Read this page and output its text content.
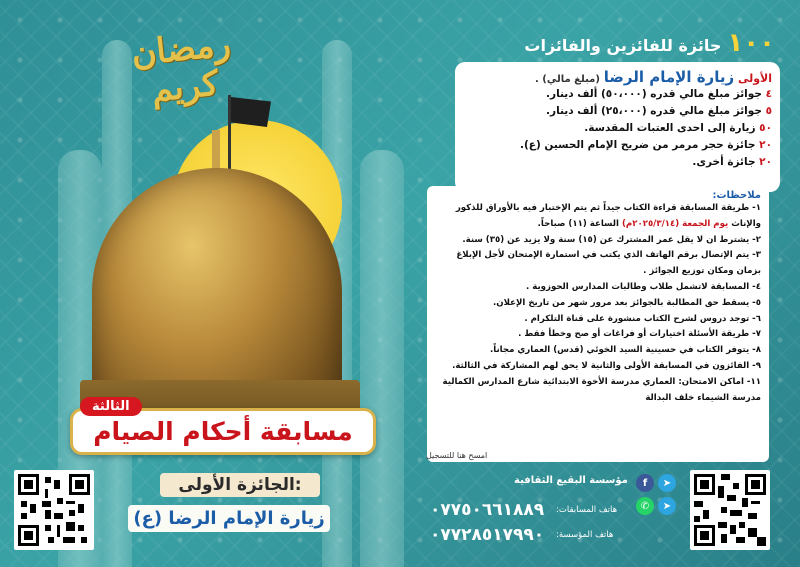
رمضان كريم
مسابقة أحكام الصيام
الثالثة
الجائزة الأولى:
زيارة الإمام الرضا (ع)
١٠٠جائزة للفائزين والفائزات
الأولى زيارة الإمام الرضا (مبلغ مالي) .
٤ جوائز مبلغ مالي قدره (٥٠،٠٠٠) ألف دينار.
٥ جوائز مبلغ مالي قدره (٢٥،٠٠٠) ألف دينار.
٥٠ زيارة إلى احدى العتبات المقدسة.
٢٠ جائزة حجر مرمر من ضريح الإمام الحسين (ع).
٢٠ جائزة أخرى.
ملاحظات:
١- طريقة المسابقة قراءة الكتاب جيداً ثم يتم الإختبار فيه بالأوراق للذكور والإناث يوم الجمعة (٢٠٢٥/٣/١٤م) الساعة (١١) صباحاً.
٢- يشترط ان لا يقل عمر المشترك عن (١٥) سنة ولا يزيد عن (٣٥) سنة.
٣- يتم الإتصال برقم الهاتف الذي يكتب في استمارة الإمتحان لأجل الإبلاغ بزمان ومكان توزيع الجوائز .
٤- المسابقة لاتشمل طلاب وطالبات المدارس الحوزوية .
٥- يسقط حق المطالبة بالجوائز بعد مرور شهر من تاريخ الإعلان.
٦- توجد دروس لشرح الكتاب منشورة على قناة التلكرام .
٧- طريقة الأسئلة اختيارات أو فراغات أو صح وخطأ فقط .
٨- يتوفر الكتاب في حسينية السيد الخوئي (قدس) العماري مجاناً.
٩- الفائزون في المسابقة الأولى والثانية لا يحق لهم المشاركة في الثالثة.
١١- اماكن الامتحان: العماري مدرسة الأخوة الابتدائية شارع المدارس الكمالية مدرسة الشيماء خلف البدالة
امسح هنا للتسجيل
مؤسسة البقيع الثقافية	f	➤
✆	➤
هاتف المسابقات:
٠٧٧٥٠٦٦١٨٨٩
هاتف المؤسسة:
٠٧٧٢٨٥١٧٩٩٠
